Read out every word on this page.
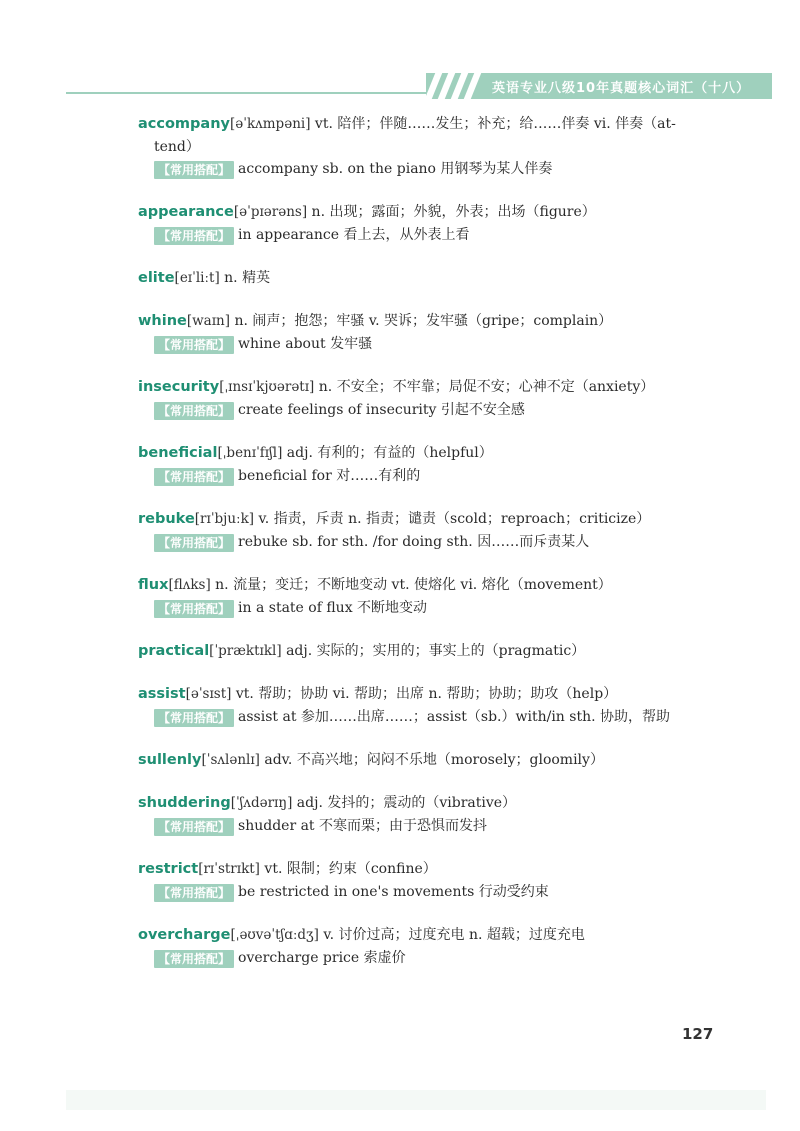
英语专业八级10年真题核心词汇（十八）
accompany[əˈkʌmpəni] vt. 陪伴；伴随……发生；补充；给……伴奏 vi. 伴奏（at-
tend）
【常用搭配】 accompany sb. on the piano 用钢琴为某人伴奏
appearance[əˈpɪərəns] n. 出现；露面；外貌，外表；出场（figure）
【常用搭配】 in appearance 看上去，从外表上看
elite[eɪˈliːt] n. 精英
whine[waɪn] n. 闹声；抱怨；牢骚 v. 哭诉；发牢骚（gripe；complain）
【常用搭配】 whine about 发牢骚
insecurity[ˌɪnsɪˈkjʊərətɪ] n. 不安全；不牢靠；局促不安；心神不定（anxiety）
【常用搭配】 create feelings of insecurity 引起不安全感
beneficial[ˌbenɪˈfɪʃl] adj. 有利的；有益的（helpful）
【常用搭配】 beneficial for 对……有利的
rebuke[rɪˈbjuːk] v. 指责，斥责 n. 指责；谴责（scold；reproach；criticize）
【常用搭配】 rebuke sb. for sth. /for doing sth. 因……而斥责某人
flux[flʌks] n. 流量；变迁；不断地变动 vt. 使熔化 vi. 熔化（movement）
【常用搭配】 in a state of flux 不断地变动
practical[ˈpræktɪkl] adj. 实际的；实用的；事实上的（pragmatic）
assist[əˈsɪst] vt. 帮助；协助 vi. 帮助；出席 n. 帮助；协助；助攻（help）
【常用搭配】 assist at 参加……出席……；assist（sb.）with/in sth. 协助，帮助
sullenly[ˈsʌlənlɪ] adv. 不高兴地；闷闷不乐地（morosely；gloomily）
shuddering[ˈʃʌdərɪŋ] adj. 发抖的；震动的（vibrative）
【常用搭配】 shudder at 不寒而栗；由于恐惧而发抖
restrict[rɪˈstrɪkt] vt. 限制；约束（confine）
【常用搭配】 be restricted in one's movements 行动受约束
overcharge[ˌəʊvəˈtʃɑːdʒ] v. 讨价过高；过度充电 n. 超载；过度充电
【常用搭配】 overcharge price 索虚价
127
